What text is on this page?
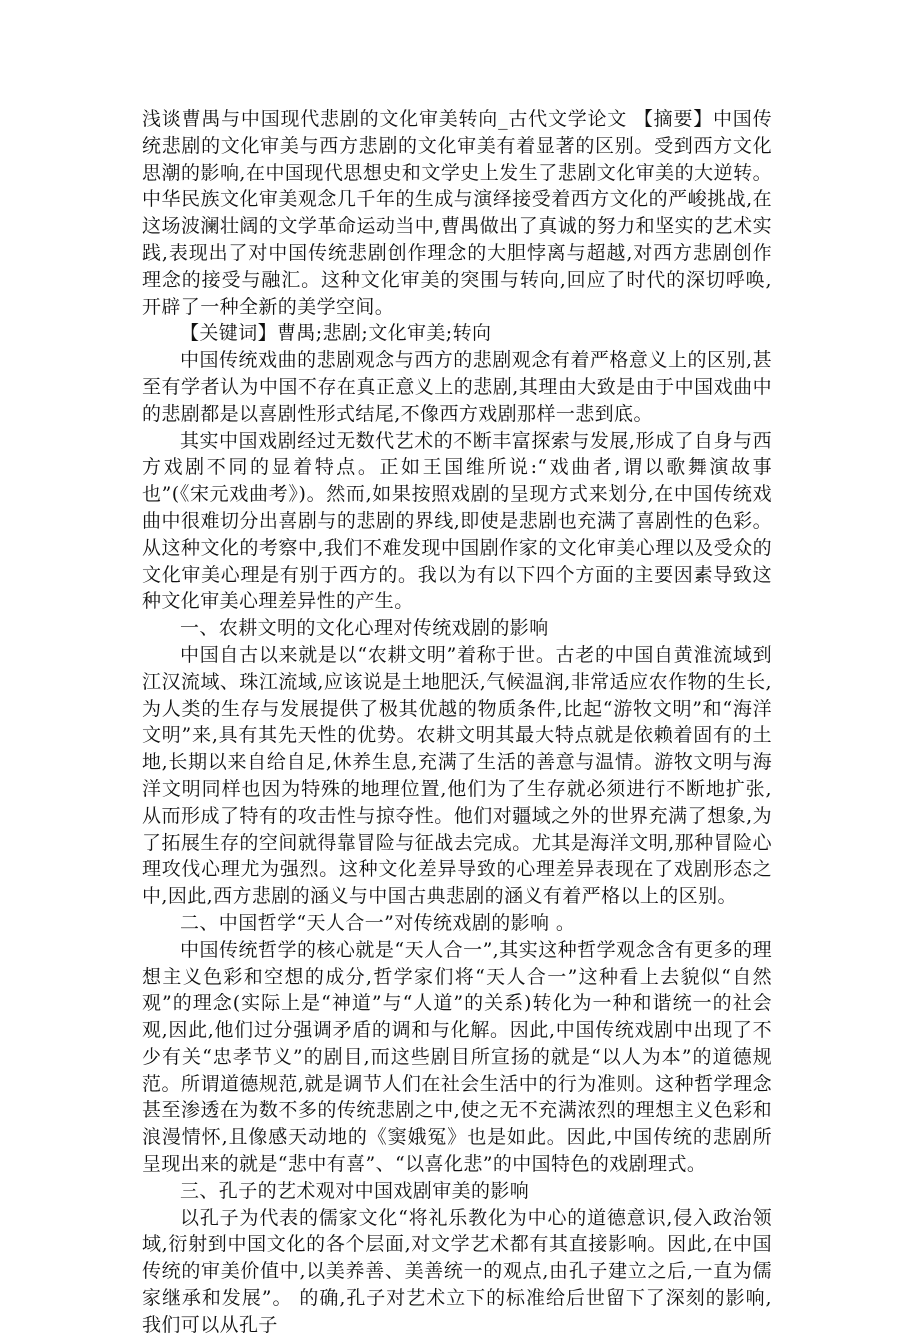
浅谈曹禺与中国现代悲剧的文化审美转向_古代文学论文 【摘要】中国传统悲剧的文化审美与西方悲剧的文化审美有着显著的区别。受到西方文化思潮的影响,在中国现代思想史和文学史上发生了悲剧文化审美的大逆转。中华民族文化审美观念几千年的生成与演绎接受着西方文化的严峻挑战,在这场波澜壮阔的文学革命运动当中,曹禺做出了真诚的努力和坚实的艺术实践,表现出了对中国传统悲剧创作理念的大胆悖离与超越,对西方悲剧创作理念的接受与融汇。这种文化审美的突围与转向,回应了时代的深切呼唤,开辟了一种全新的美学空间。

【关键词】曹禺;悲剧;文化审美;转向

中国传统戏曲的悲剧观念与西方的悲剧观念有着严格意义上的区别,甚至有学者认为中国不存在真正意义上的悲剧,其理由大致是由于中国戏曲中的悲剧都是以喜剧性形式结尾,不像西方戏剧那样一悲到底。

其实中国戏剧经过无数代艺术的不断丰富探索与发展,形成了自身与西方戏剧不同的显着特点。正如王国维所说:“戏曲者,谓以歌舞演故事也”(《宋元戏曲考》)。然而,如果按照戏剧的呈现方式来划分,在中国传统戏曲中很难切分出喜剧与的悲剧的界线,即使是悲剧也充满了喜剧性的色彩。从这种文化的考察中,我们不难发现中国剧作家的文化审美心理以及受众的文化审美心理是有别于西方的。我以为有以下四个方面的主要因素导致这种文化审美心理差异性的产生。

一、农耕文明的文化心理对传统戏剧的影响

中国自古以来就是以“农耕文明”着称于世。古老的中国自黄淮流域到江汉流域、珠江流域,应该说是土地肥沃,气候温润,非常适应农作物的生长,为人类的生存与发展提供了极其优越的物质条件,比起“游牧文明”和“海洋文明”来,具有其先天性的优势。农耕文明其最大特点就是依赖着固有的土地,长期以来自给自足,休养生息,充满了生活的善意与温情。游牧文明与海洋文明同样也因为特殊的地理位置,他们为了生存就必须进行不断地扩张,从而形成了特有的攻击性与掠夺性。他们对疆域之外的世界充满了想象,为了拓展生存的空间就得靠冒险与征战去完成。尤其是海洋文明,那种冒险心理攻伐心理尤为强烈。这种文化差异导致的心理差异表现在了戏剧形态之中,因此,西方悲剧的涵义与中国古典悲剧的涵义有着严格以上的区别。

二、中国哲学“天人合一”对传统戏剧的影响 。

中国传统哲学的核心就是“天人合一”,其实这种哲学观念含有更多的理想主义色彩和空想的成分,哲学家们将“天人合一”这种看上去貌似“自然观”的理念(实际上是“神道”与“人道”的关系)转化为一种和谐统一的社会观,因此,他们过分强调矛盾的调和与化解。因此,中国传统戏剧中出现了不少有关“忠孝节义”的剧目,而这些剧目所宣扬的就是“以人为本”的道德规范。所谓道德规范,就是调节人们在社会生活中的行为准则。这种哲学理念甚至渗透在为数不多的传统悲剧之中,使之无不充满浓烈的理想主义色彩和浪漫情怀,且像感天动地的《窦娥冤》也是如此。因此,中国传统的悲剧所呈现出来的就是“悲中有喜”、“以喜化悲”的中国特色的戏剧理式。

三、孔子的艺术观对中国戏剧审美的影响

以孔子为代表的儒家文化“将礼乐教化为中心的道德意识,侵入政治领域,衍射到中国文化的各个层面,对文学艺术都有其直接影响。因此,在中国传统的审美价值中,以美养善、美善统一的观点,由孔子建立之后,一直为儒家继承和发展”。 的确,孔子对艺术立下的标准给后世留下了深刻的影响,我们可以从孔子
